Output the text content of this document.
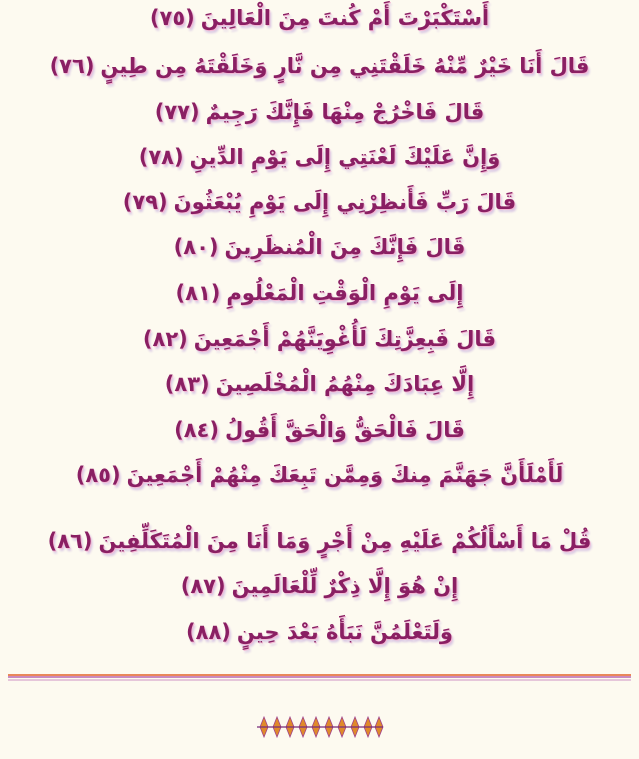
أَسْتَكْبَرْتَ أَمْ كُنتَ مِنَ الْعَالِينَ(٧٥)
قَالَ أَنَا خَيْرٌ مِّنْهُ خَلَقْتَنِي مِن نَّارٍ وَخَلَقْتَهُ مِن طِينٍ(٧٦)
قَالَ فَاخْرُجْ مِنْهَا فَإِنَّكَ رَجِيمٌ(٧٧)
وَإِنَّ عَلَيْكَ لَعْنَتِي إِلَى يَوْمِ الدِّينِ(٧٨)
قَالَ رَبِّ فَأَنظِرْنِي إِلَى يَوْمِ يُبْعَثُونَ(٧٩)
قَالَ فَإِنَّكَ مِنَ الْمُنظَرِينَ(٨٠)
إِلَى يَوْمِ الْوَقْتِ الْمَعْلُومِ(٨١)
قَالَ فَبِعِزَّتِكَ لَأُغْوِيَنَّهُمْ أَجْمَعِينَ(٨٢)
إِلَّا عِبَادَكَ مِنْهُمُ الْمُخْلَصِينَ(٨٣)
قَالَ فَالْحَقُّ وَالْحَقَّ أَقُولُ(٨٤)
لَأَمْلَأَنَّ جَهَنَّمَ مِنكَ وَمِمَّن تَبِعَكَ مِنْهُمْ أَجْمَعِينَ(٨٥)
قُلْ مَا أَسْأَلُكُمْ عَلَيْهِ مِنْ أَجْرٍ وَمَا أَنَا مِنَ الْمُتَكَلِّفِينَ(٨٦)
إِنْ هُوَ إِلَّا ذِكْرٌ لِّلْعَالَمِينَ(٨٧)
وَلَتَعْلَمُنَّ نَبَأَهُ بَعْدَ حِينٍ(٨٨)
